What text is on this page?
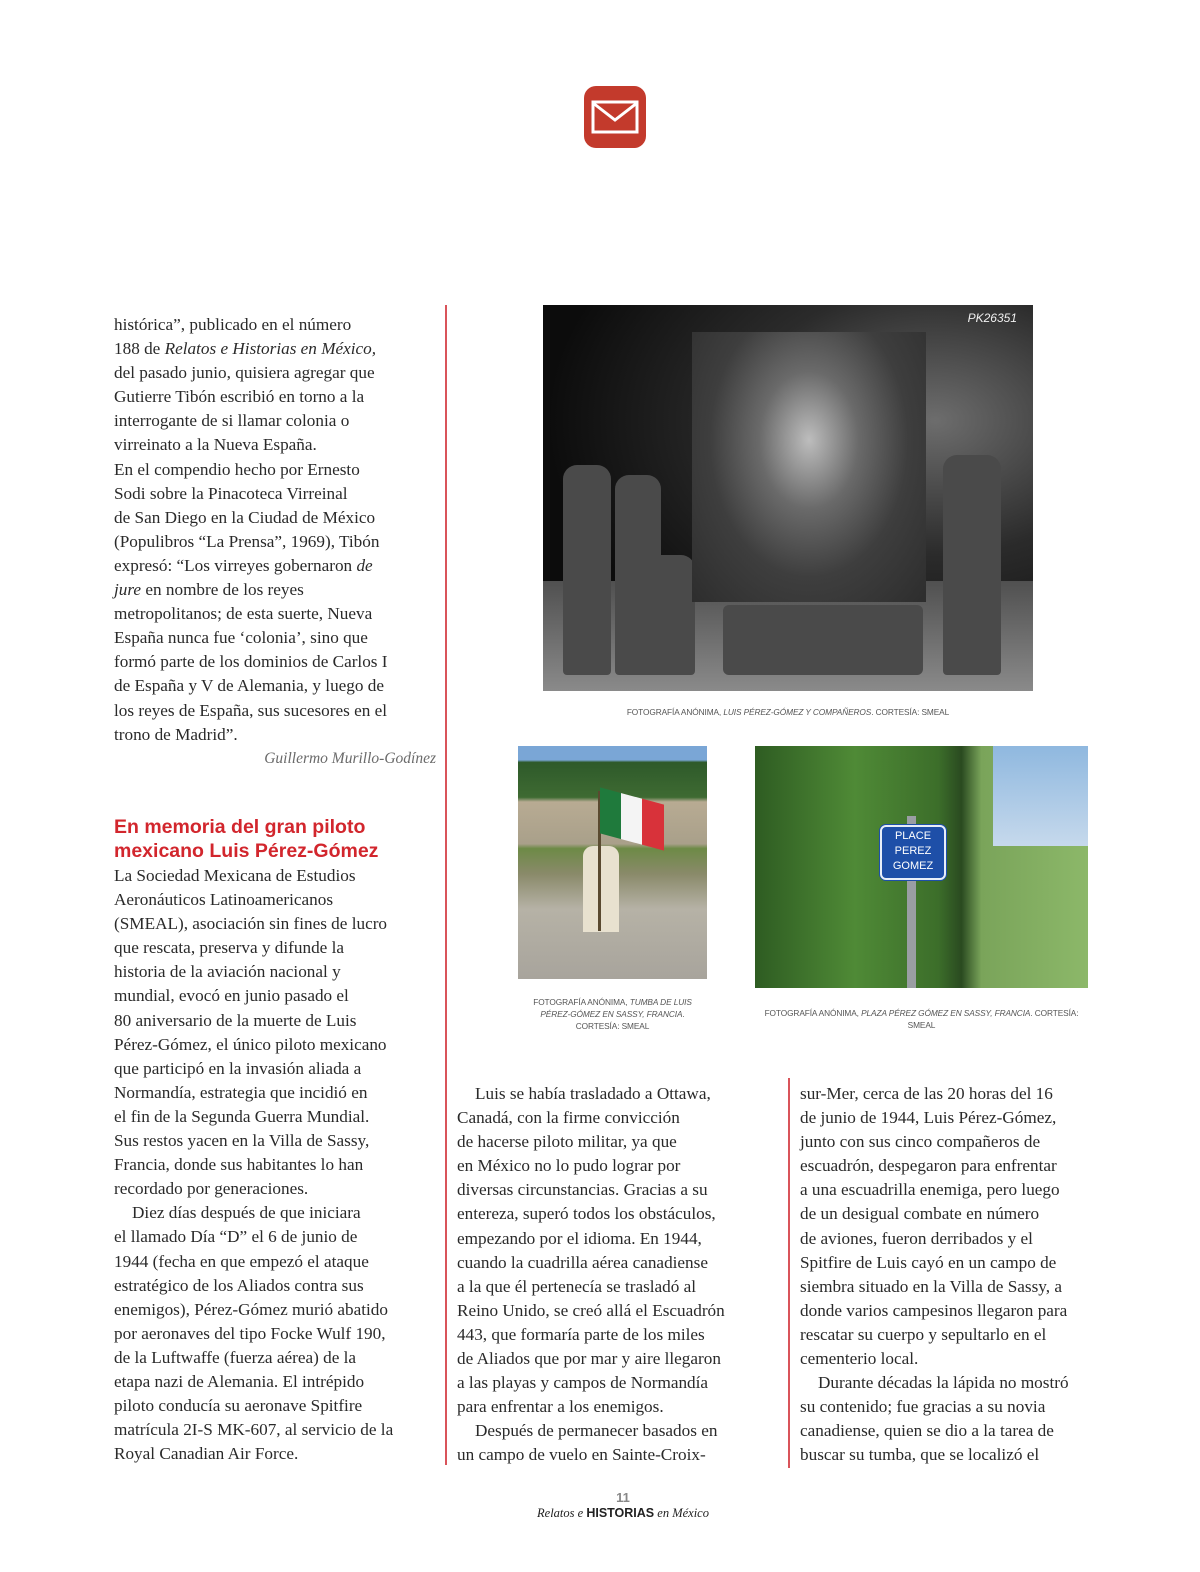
histórica”, publicado en el número
188 de Relatos e Historias en México,
del pasado junio, quisiera agregar que
Gutierre Tibón escribió en torno a la
interrogante de si llamar colonia o
virreinato a la Nueva España.
En el compendio hecho por Ernesto
Sodi sobre la Pinacoteca Virreinal
de San Diego en la Ciudad de México
(Populibros “La Prensa”, 1969), Tibón
expresó: “Los virreyes gobernaron de
jure en nombre de los reyes
metropolitanos; de esta suerte, Nueva
España nunca fue ‘colonia’, sino que
formó parte de los dominios de Carlos I
de España y V de Alemania, y luego de
los reyes de España, sus sucesores en el
trono de Madrid”.
Guillermo Murillo-Godínez
En memoria del gran piloto
mexicano Luis Pérez-Gómez
La Sociedad Mexicana de Estudios
Aeronáuticos Latinoamericanos
(SMEAL), asociación sin fines de lucro
que rescata, preserva y difunde la
historia de la aviación nacional y
mundial, evocó en junio pasado el
80 aniversario de la muerte de Luis
Pérez-Gómez, el único piloto mexicano
que participó en la invasión aliada a
Normandía, estrategia que incidió en
el fin de la Segunda Guerra Mundial.
Sus restos yacen en la Villa de Sassy,
Francia, donde sus habitantes lo han
recordado por generaciones.
Diez días después de que iniciara
el llamado Día “D” el 6 de junio de
1944 (fecha en que empezó el ataque
estratégico de los Aliados contra sus
enemigos), Pérez-Gómez murió abatido
por aeronaves del tipo Focke Wulf 190,
de la Luftwaffe (fuerza aérea) de la
etapa nazi de Alemania. El intrépido
piloto conducía su aeronave Spitfire
matrícula 2I-S MK-607, al servicio de la
Royal Canadian Air Force.
Luis se había trasladado a Ottawa,
Canadá, con la firme convicción
de hacerse piloto militar, ya que
en México no lo pudo lograr por
diversas circunstancias. Gracias a su
entereza, superó todos los obstáculos,
empezando por el idioma. En 1944,
cuando la cuadrilla aérea canadiense
a la que él pertenecía se trasladó al
Reino Unido, se creó allá el Escuadrón
443, que formaría parte de los miles
de Aliados que por mar y aire llegaron
a las playas y campos de Normandía
para enfrentar a los enemigos.
Después de permanecer basados en
un campo de vuelo en Sainte-Croix-
sur-Mer, cerca de las 20 horas del 16
de junio de 1944, Luis Pérez-Gómez,
junto con sus cinco compañeros de
escuadrón, despegaron para enfrentar
a una escuadrilla enemiga, pero luego
de un desigual combate en número
de aviones, fueron derribados y el
Spitfire de Luis cayó en un campo de
siembra situado en la Villa de Sassy, a
donde varios campesinos llegaron para
rescatar su cuerpo y sepultarlo en el
cementerio local.
Durante décadas la lápida no mostró
su contenido; fue gracias a su novia
canadiense, quien se dio a la tarea de
buscar su tumba, que se localizó el
PK26351
FOTOGRAFÍA ANÓNIMA, LUIS PÉREZ-GÓMEZ Y COMPAÑEROS. CORTESÍA: SMEAL
FOTOGRAFÍA ANÓNIMA, TUMBA DE LUIS PÉREZ-GÓMEZ EN SASSY, FRANCIA. CORTESÍA: SMEAL
PLACE
PEREZ
GOMEZ
FOTOGRAFÍA ANÓNIMA, PLAZA PÉREZ GÓMEZ EN SASSY, FRANCIA. CORTESÍA: SMEAL
11
Relatos e HISTORIAS en México
